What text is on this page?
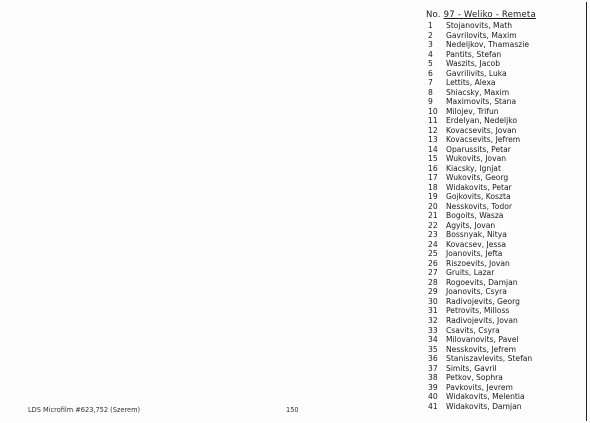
No. 97 - Weliko - Remeta
1 Stojanovits, Math
2 Gavrilovits, Maxim
3 Nedeljkov, Thamaszie
4 Pantits, Stefan
5 Waszits, Jacob
6 Gavrilivits, Luka
7 Lettits, Alexa
8 Shiacsky, Maxim
9 Maximovits, Stana
10 Milojev, Trifun
11 Erdelyan, Nedeljko
12 Kovacsevits, Jovan
13 Kovacsevits, Jefrem
14 Oparussits, Petar
15 Wukovits, Jovan
16 Kiacsky, Ignjat
17 Wukovits, Georg
18 Widakovits, Petar
19 Gojkovits, Koszta
20 Nesskovits, Todor
21 Bogoits, Wasza
22 Agyits, Jovan
23 Bossnyak, Nitya
24 Kovacsev, Jessa
25 Joanovits, Jefta
26 Riszoevits, Jovan
27 Gruits, Lazar
28 Rogoevits, Damjan
29 Joanovits, Csyra
30 Radivojevits, Georg
31 Petrovits, Milloss
32 Radivojevits, Jovan
33 Csavits, Csyra
34 Milovanovits, Pavel
35 Nesskovits, Jefrem
36 Staniszavlevits, Stefan
37 Simits, Gavril
38 Petkov, Sophra
39 Pavkovits, Jevrem
40 Widakovits, Melentia
41 Widakovits, Damjan
LDS Microfilm #623,752 (Szerem)	150
